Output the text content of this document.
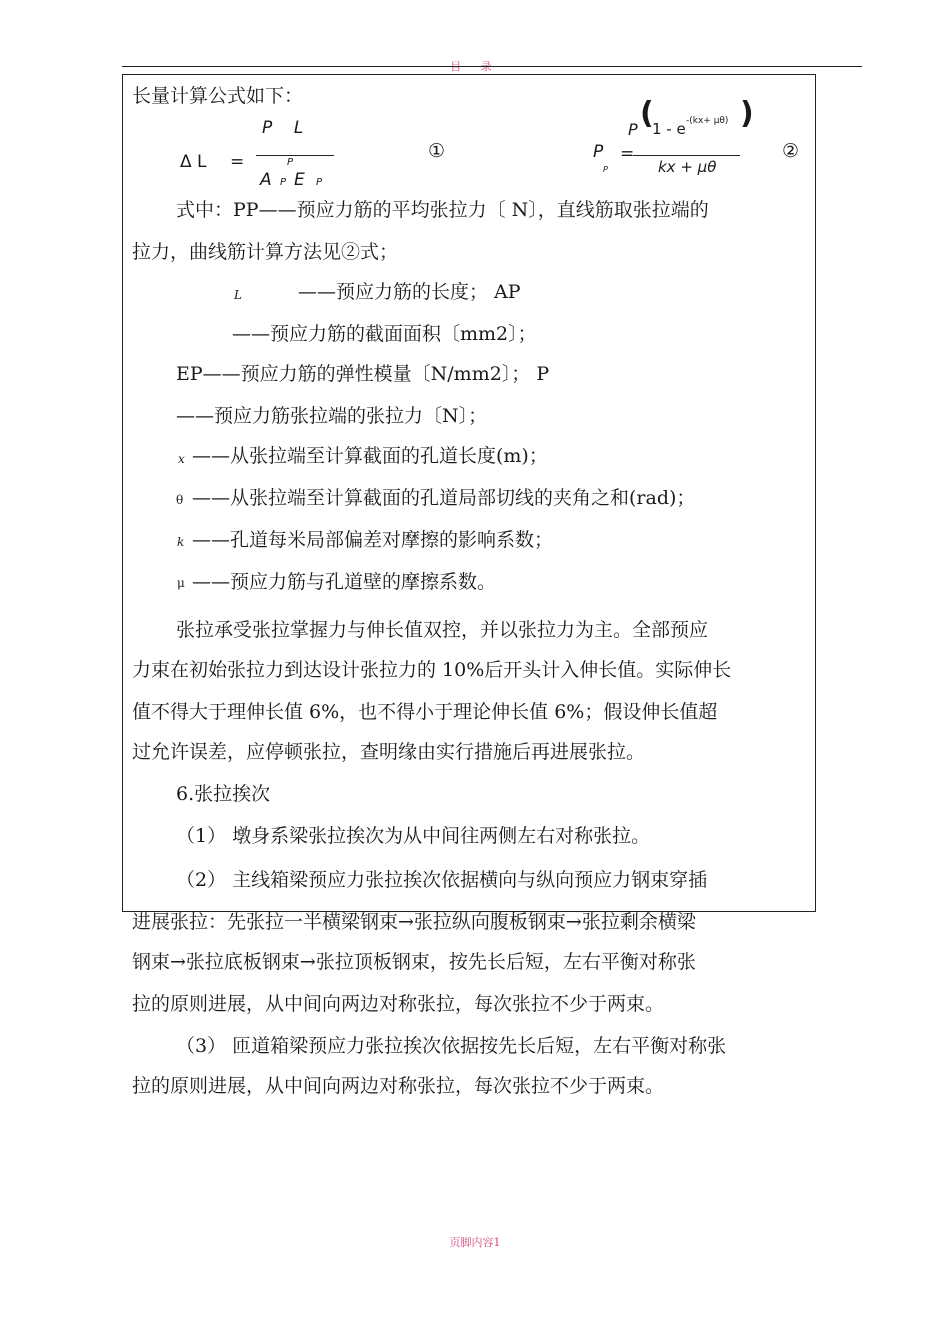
目 录
长量计算公式如下：
Δ L =
P    L
P
A P E P
①	P
P
=
P (
1 - e -(kx+ μθ) )
kx + μθ
②
式中：PP——预应力筋的平均张拉力〔 N〕，直线筋取张拉端的
拉力，曲线筋计算方法见②式；
L	——预应力筋的长度； AP
——预应力筋的截面面积〔mm2〕；
EP——预应力筋的弹性模量〔N/mm2〕； P
——预应力筋张拉端的张拉力〔N〕；
x ——从张拉端至计算截面的孔道长度(m)；
θ ——从张拉端至计算截面的孔道局部切线的夹角之和(rad)；
k ——孔道每米局部偏差对摩擦的影响系数；
μ ——预应力筋与孔道壁的摩擦系数。
张拉承受张拉掌握力与伸长值双控，并以张拉力为主。全部预应
力束在初始张拉力到达设计张拉力的 10%后开头计入伸长值。实际伸长
值不得大于理伸长值 6%，也不得小于理论伸长值 6%；假设伸长值超
过允许误差，应停顿张拉，查明缘由实行措施后再进展张拉。
6.张拉挨次
（1） 墩身系梁张拉挨次为从中间往两侧左右对称张拉。
（2） 主线箱梁预应力张拉挨次依据横向与纵向预应力钢束穿插
进展张拉：先张拉一半横梁钢束→张拉纵向腹板钢束→张拉剩余横梁
钢束→张拉底板钢束→张拉顶板钢束，按先长后短，左右平衡对称张
拉的原则进展，从中间向两边对称张拉，每次张拉不少于两束。
（3） 匝道箱梁预应力张拉挨次依据按先长后短，左右平衡对称张
拉的原则进展，从中间向两边对称张拉，每次张拉不少于两束。
页脚内容1
